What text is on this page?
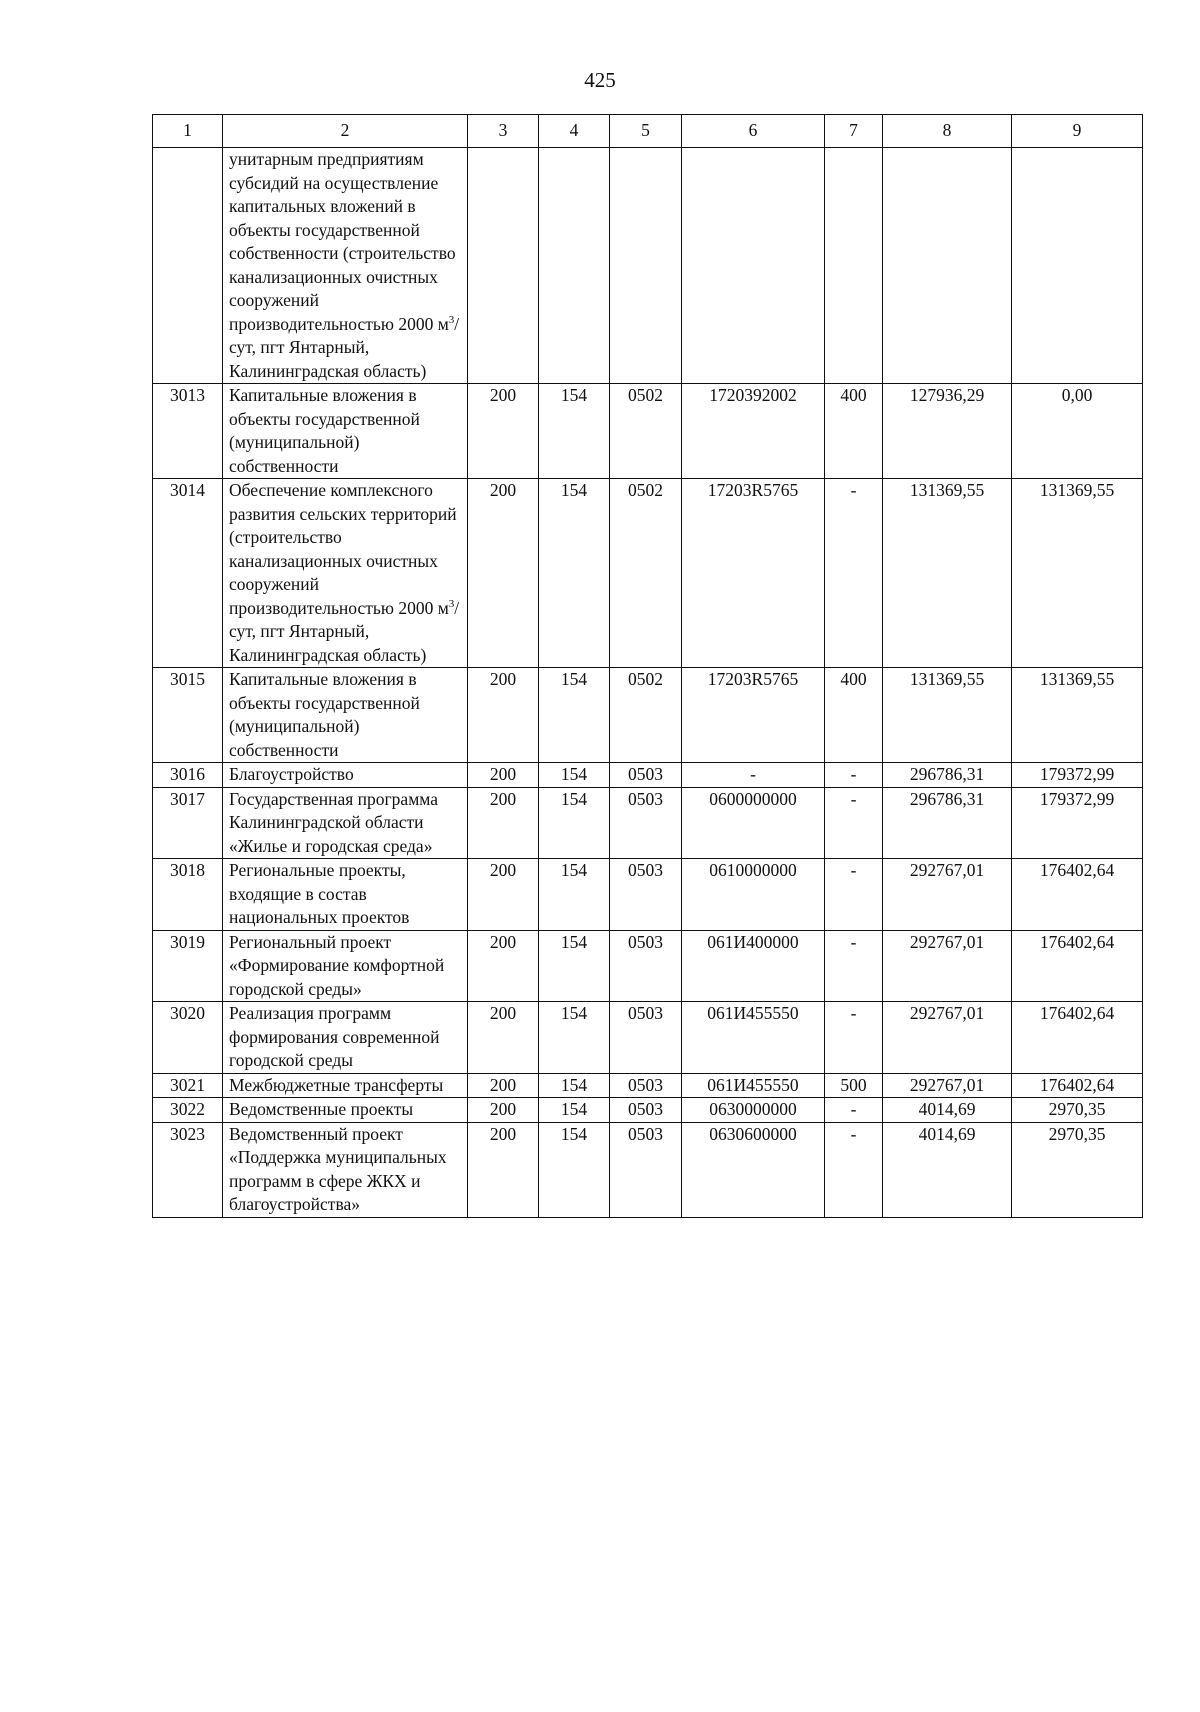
425
1	2	3	4	5	6	7	8	9
	унитарным предприятиям субсидий на осуществление капитальных вложений в объекты государственной собственности (строительство канализационных очистных сооружений производительностью 2000 $м^3$/сут, пгт Янтарный, Калининградская область)							
3013	Капитальные вложения в объекты государственной (муниципальной) собственности	200	154	0502	1720392002	400	127936,29	0,00
3014	Обеспечение комплексного развития сельских территорий (строительство канализационных очистных сооружений производительностью 2000 $м^3$/сут, пгт Янтарный, Калининградская область)	200	154	0502	17203R5765	-	131369,55	131369,55
3015	Капитальные вложения в объекты государственной (муниципальной) собственности	200	154	0502	17203R5765	400	131369,55	131369,55
3016	Благоустройство	200	154	0503	-	-	296786,31	179372,99
3017	Государственная программа Калининградской области «Жилье и городская среда»	200	154	0503	0600000000	-	296786,31	179372,99
3018	Региональные проекты, входящие в состав национальных проектов	200	154	0503	0610000000	-	292767,01	176402,64
3019	Региональный проект «Формирование комфортной городской среды»	200	154	0503	061И400000	-	292767,01	176402,64
3020	Реализация программ формирования современной городской среды	200	154	0503	061И455550	-	292767,01	176402,64
3021	Межбюджетные трансферты	200	154	0503	061И455550	500	292767,01	176402,64
3022	Ведомственные проекты	200	154	0503	0630000000	-	4014,69	2970,35
3023	Ведомственный проект «Поддержка муниципальных программ в сфере ЖКХ и благоустройства»	200	154	0503	0630600000	-	4014,69	2970,35
